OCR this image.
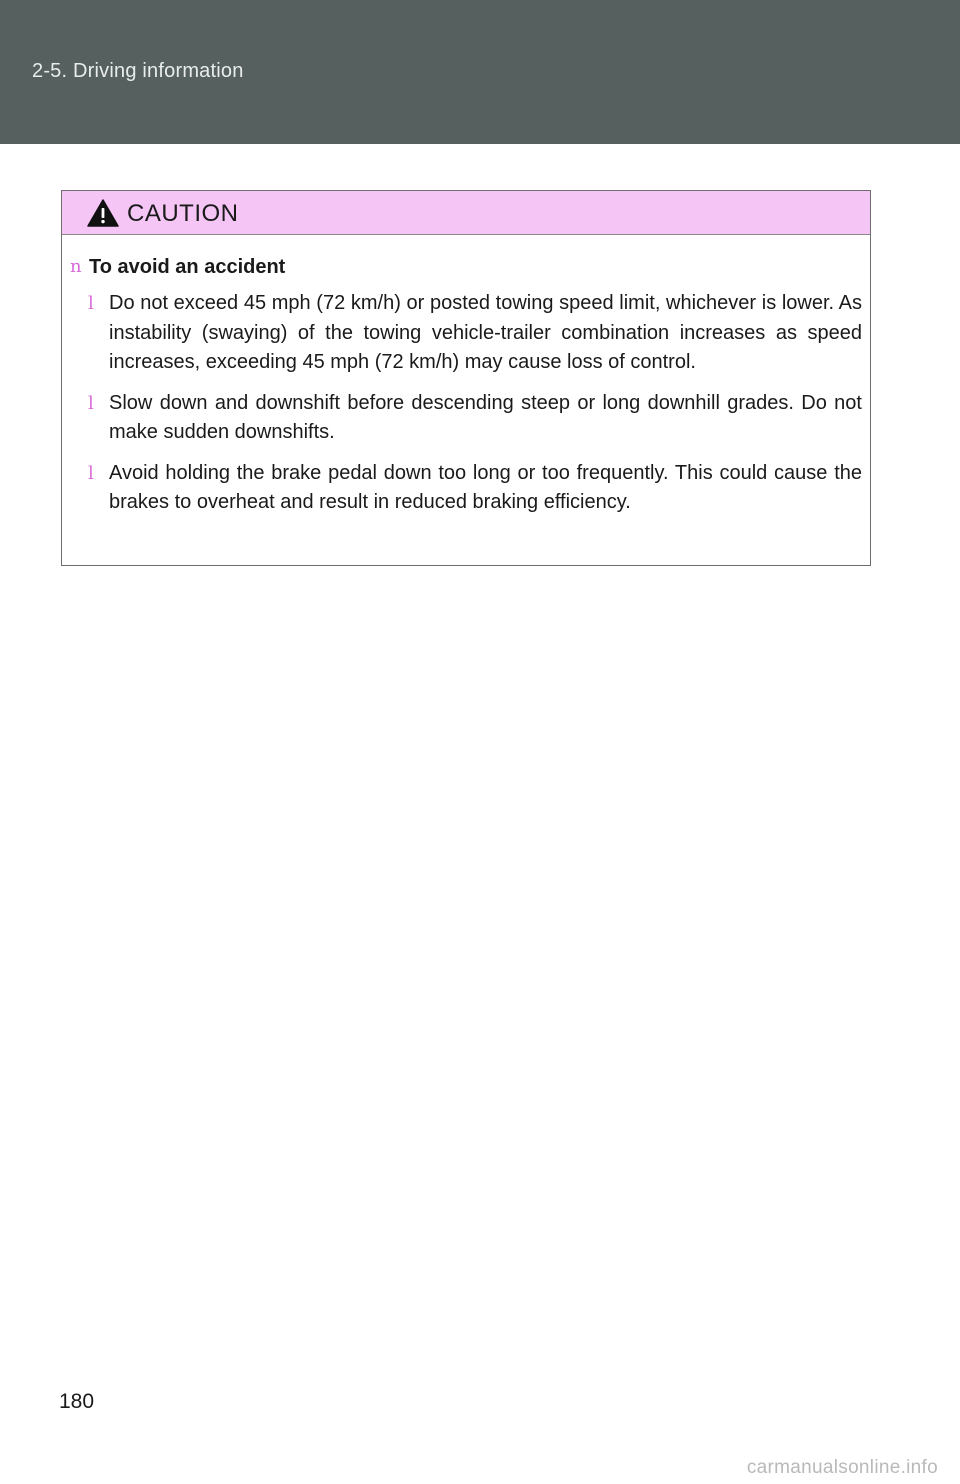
2-5. Driving information
CAUTION
n To avoid an accident
l Do not exceed 45 mph (72 km/h) or posted towing speed limit, whichever is lower. As instability (swaying) of the towing vehicle-trailer combination increases as speed increases, exceeding 45 mph (72 km/h) may cause loss of control.
l Slow down and downshift before descending steep or long downhill grades. Do not make sudden downshifts.
l Avoid holding the brake pedal down too long or too frequently. This could cause the brakes to overheat and result in reduced braking efficiency.
180
carmanualsonline.info
